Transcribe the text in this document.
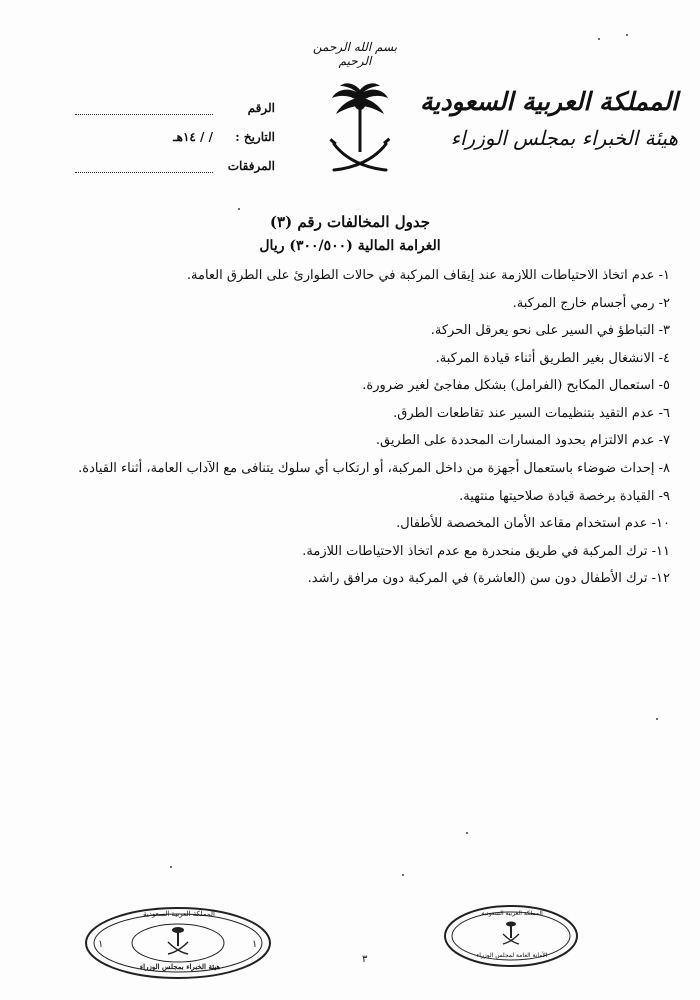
بسم الله الرحمن الرحيم
المملكة العربية السعودية
هيئة الخبراء بمجلس الوزراء
الرقم
التاريخ :
/ / ١٤هـ
المرفقات
جدول المخالفات رقم (٣)
الغرامة المالية (٣٠٠/٥٠٠) ريال
١- عدم اتخاذ الاحتياطات اللازمة عند إيقاف المركبة في حالات الطوارئ على الطرق العامة.
٢- رمي أجسام خارج المركبة.
٣- التباطؤ في السير على نحو يعرقل الحركة.
٤- الانشغال بغير الطريق أثناء قيادة المركبة.
٥- استعمال المكابح (الفرامل) بشكل مفاجئ لغير ضرورة.
٦- عدم التقيد بتنظيمات السير عند تقاطعات الطرق.
٧- عدم الالتزام بحدود المسارات المحددة على الطريق.
٨- إحداث ضوضاء باستعمال أجهزة من داخل المركبة، أو ارتكاب أي سلوك يتنافى مع الآداب العامة، أثناء القيادة.
٩- القيادة برخصة قيادة صلاحيتها منتهية.
١٠- عدم استخدام مقاعد الأمان المخصصة للأطفال.
١١- ترك المركبة في طريق منحدرة مع عدم اتخاذ الاحتياطات اللازمة.
١٢- ترك الأطفال دون سن (العاشرة) في المركبة دون مرافق راشد.
١	١
المملكة العربية السعودية
هيئة الخبراء بمجلس الوزراء
المملكة العربية السعودية
الأمانة العامة لمجلس الوزراء
٣
